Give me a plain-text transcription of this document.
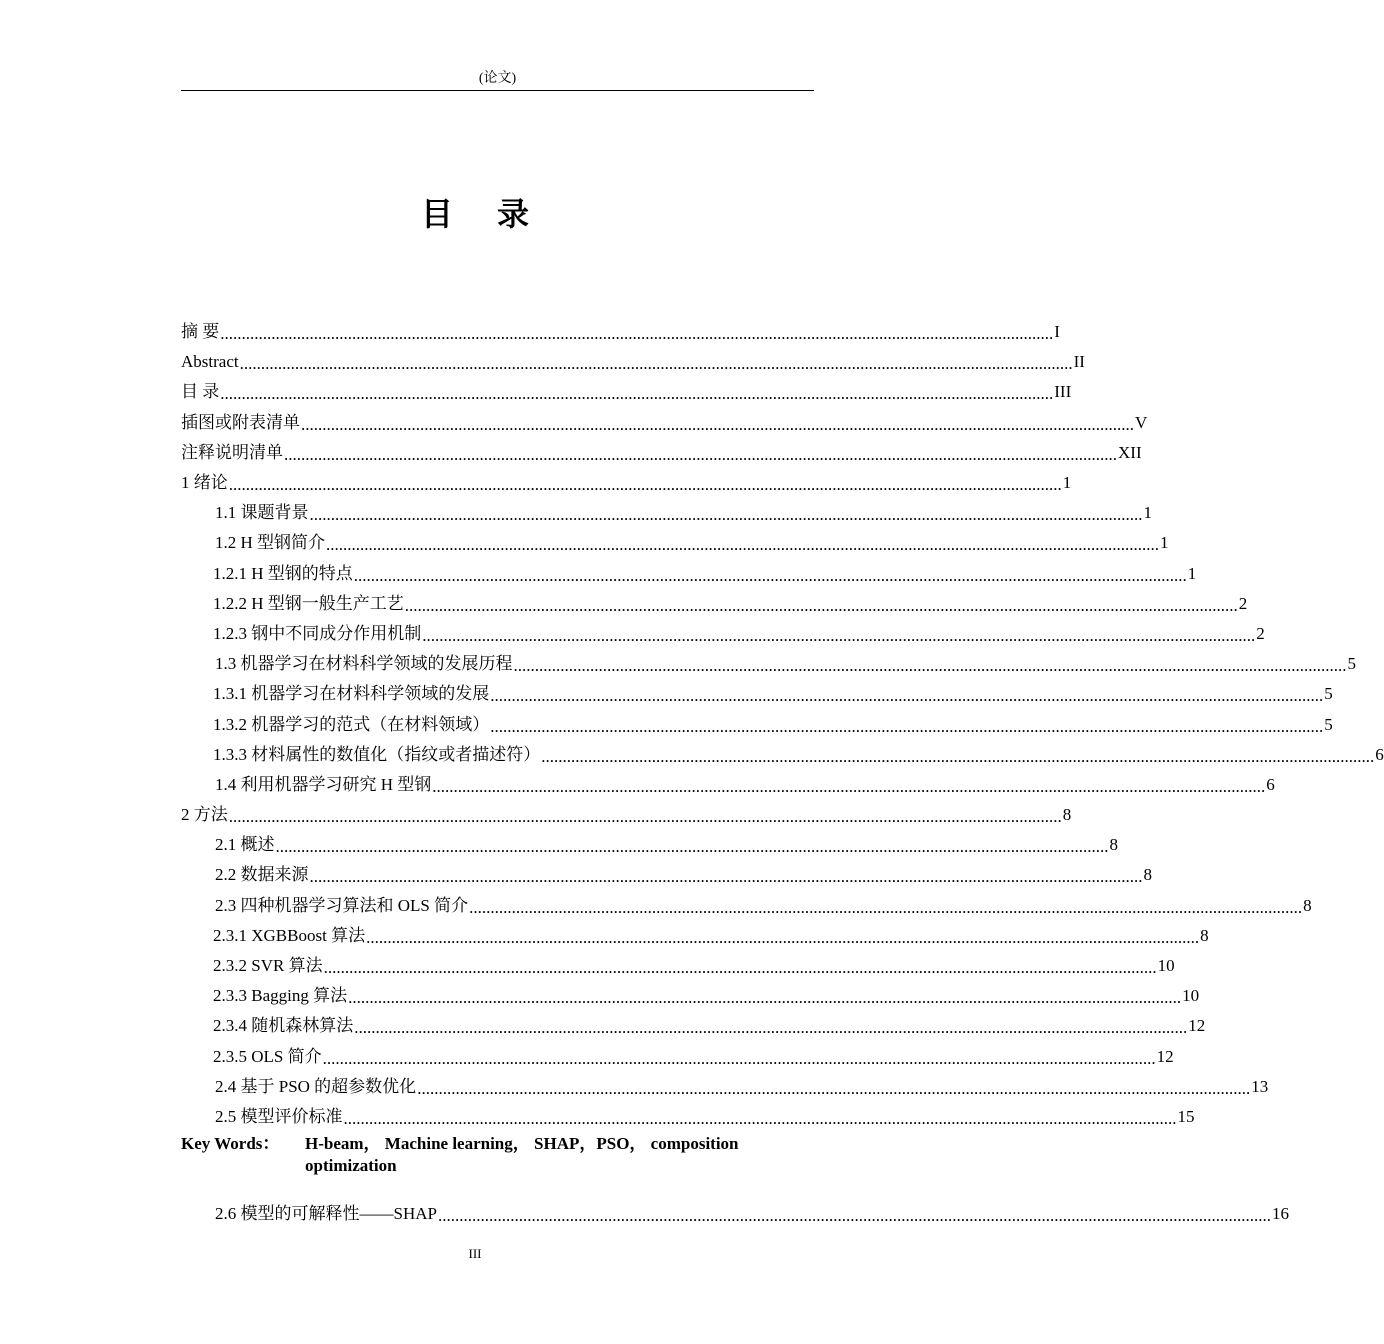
(论文)
目 录
摘 要 .................................................................................................................................................................................................... I
Abstract .................................................................................................................................................................................................... II
目 录 .................................................................................................................................................................................................... III
插图或附表清单 .................................................................................................................................................................................................... V
注释说明清单 .................................................................................................................................................................................................... XII
1 绪论 .................................................................................................................................................................................................... 1
1.1 课题背景 .................................................................................................................................................................................................... 1
1.2 H 型钢简介 .................................................................................................................................................................................................... 1
1.2.1 H 型钢的特点 .................................................................................................................................................................................................... 1
1.2.2 H 型钢一般生产工艺 .................................................................................................................................................................................................... 2
1.2.3 钢中不同成分作用机制 .................................................................................................................................................................................................... 2
1.3 机器学习在材料科学领域的发展历程 .................................................................................................................................................................................................... 5
1.3.1 机器学习在材料科学领域的发展 .................................................................................................................................................................................................... 5
1.3.2 机器学习的范式（在材料领域） .................................................................................................................................................................................................... 5
1.3.3 材料属性的数值化（指纹或者描述符） .................................................................................................................................................................................................... 6
1.4 利用机器学习研究 H 型钢 .................................................................................................................................................................................................... 6
2 方法 .................................................................................................................................................................................................... 8
2.1 概述 .................................................................................................................................................................................................... 8
2.2 数据来源 .................................................................................................................................................................................................... 8
2.3 四种机器学习算法和 OLS 简介 .................................................................................................................................................................................................... 8
2.3.1 XGBBoost 算法 .................................................................................................................................................................................................... 8
2.3.2 SVR 算法 .................................................................................................................................................................................................... 10
2.3.3 Bagging 算法 .................................................................................................................................................................................................... 10
2.3.4 随机森林算法 .................................................................................................................................................................................................... 12
2.3.5 OLS 简介 .................................................................................................................................................................................................... 12
2.4 基于 PSO 的超参数优化 .................................................................................................................................................................................................... 13
2.5 模型评价标准 .................................................................................................................................................................................................... 15
Key Words： H-beam， Machine learning， SHAP，PSO， composition optimization
2.6 模型的可解释性——SHAP .................................................................................................................................................................................................... 16
III
